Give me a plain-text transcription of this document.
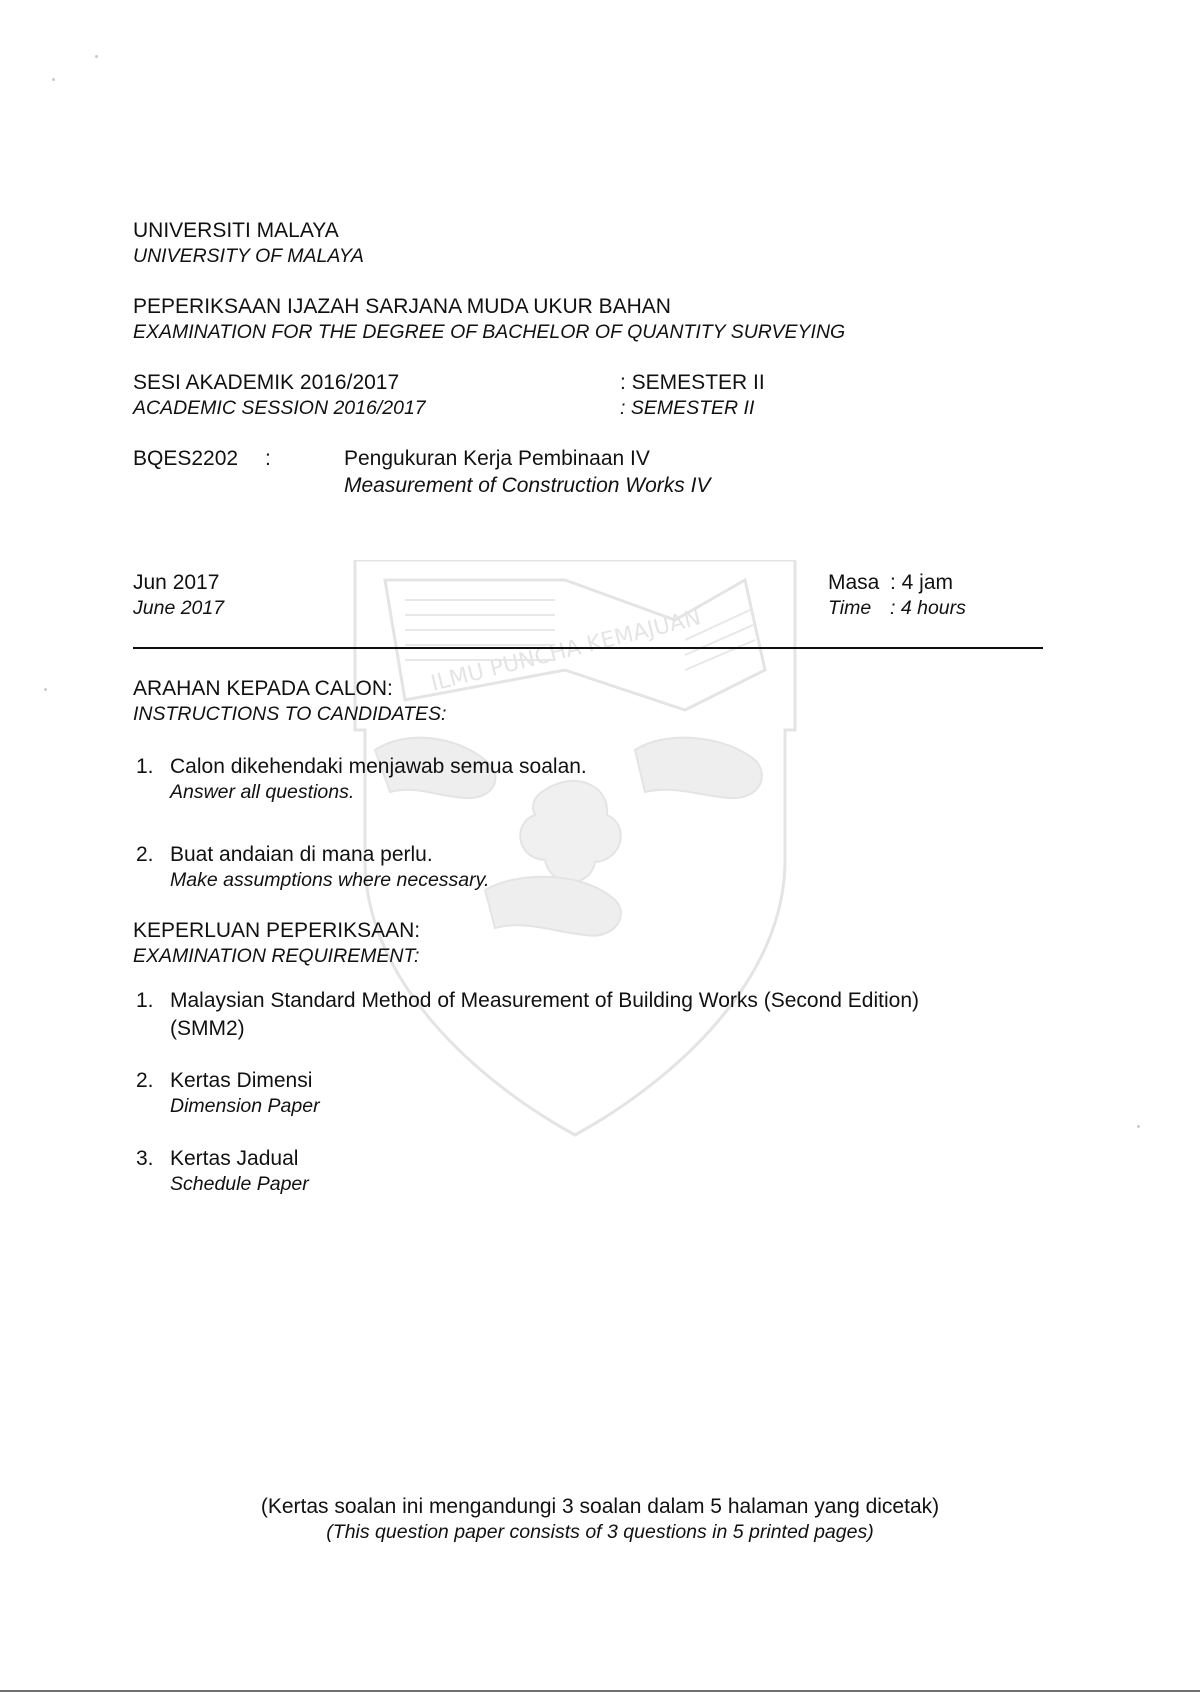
ILMU PUNCHA KEMAJUAN
UNIVERSITI MALAYA
UNIVERSITY OF MALAYA
PEPERIKSAAN IJAZAH SARJANA MUDA UKUR BAHAN
EXAMINATION FOR THE DEGREE OF BACHELOR OF QUANTITY SURVEYING
SESI AKADEMIK 2016/2017
ACADEMIC SESSION 2016/2017
: SEMESTER II
: SEMESTER II
BQES2202 :	Pengukuran Kerja Pembinaan IV
Measurement of Construction Works IV
Jun 2017
June 2017
Masa : 4 jam
Time : 4 hours
ARAHAN KEPADA CALON:
INSTRUCTIONS TO CANDIDATES:
1. Calon dikehendaki menjawab semua soalan.
Answer all questions.
2. Buat andaian di mana perlu.
Make assumptions where necessary.
KEPERLUAN PEPERIKSAAN:
EXAMINATION REQUIREMENT:
1. Malaysian Standard Method of Measurement of Building Works (Second Edition)
(SMM2)
2. Kertas Dimensi
Dimension Paper
3. Kertas Jadual
Schedule Paper
(Kertas soalan ini mengandungi 3 soalan dalam 5 halaman yang dicetak)
(This question paper consists of 3 questions in 5 printed pages)
